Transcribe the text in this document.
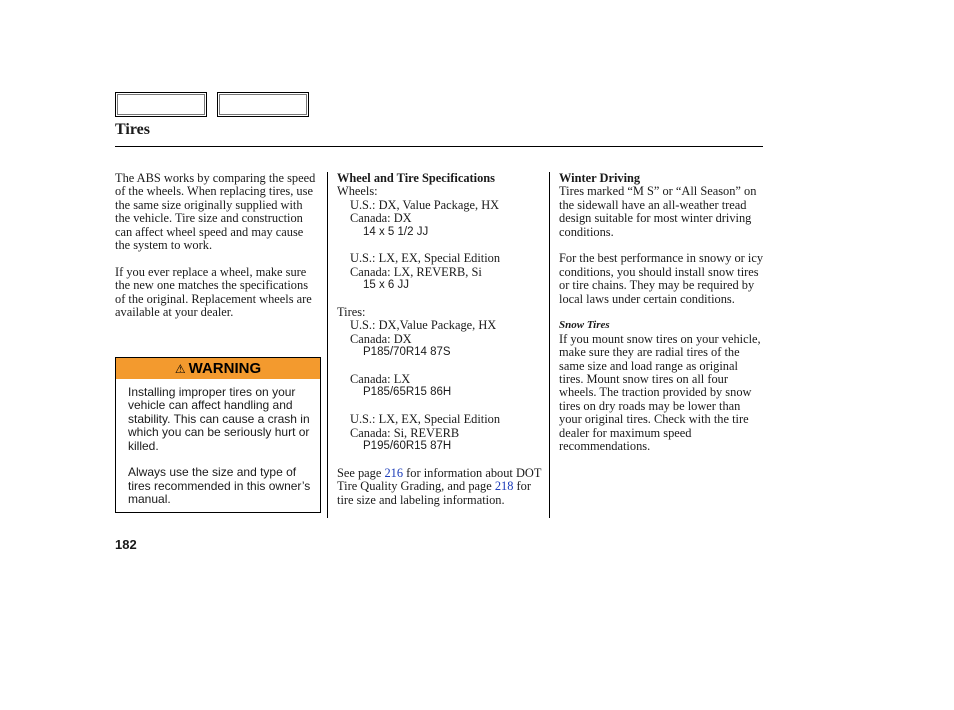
Tires

The ABS works by comparing the speed of the wheels. When replacing tires, use the same size originally supplied with the vehicle. Tire size and construction can affect wheel speed and may cause the system to work.

If you ever replace a wheel, make sure the new one matches the specifications of the original. Replacement wheels are available at your dealer.

⚠ WARNING

Installing improper tires on your vehicle can affect handling and stability. This can cause a crash in which you can be seriously hurt or killed.

Always use the size and type of tires recommended in this owner’s manual.

Wheel and Tire Specifications

Wheels:

U.S.: DX, Value Package, HX

Canada: DX

14 x 5 1/2 JJ

U.S.: LX, EX, Special Edition

Canada: LX, REVERB, Si

15 x 6 JJ

Tires:

U.S.: DX,Value Package, HX

Canada: DX

P185/70R14 87S

Canada: LX

P185/65R15 86H

U.S.: LX, EX, Special Edition

Canada: Si, REVERB

P195/60R15 87H

See page 216 for information about DOT Tire Quality Grading, and page 218 for tire size and labeling information.

Winter Driving

Tires marked “M S” or “All Season” on the sidewall have an all-weather tread design suitable for most winter driving conditions.

For the best performance in snowy or icy conditions, you should install snow tires or tire chains. They may be required by local laws under certain conditions.

Snow Tires

If you mount snow tires on your vehicle, make sure they are radial tires of the same size and load range as original tires. Mount snow tires on all four wheels. The traction provided by snow tires on dry roads may be lower than your original tires. Check with the tire dealer for maximum speed recommendations.

182
